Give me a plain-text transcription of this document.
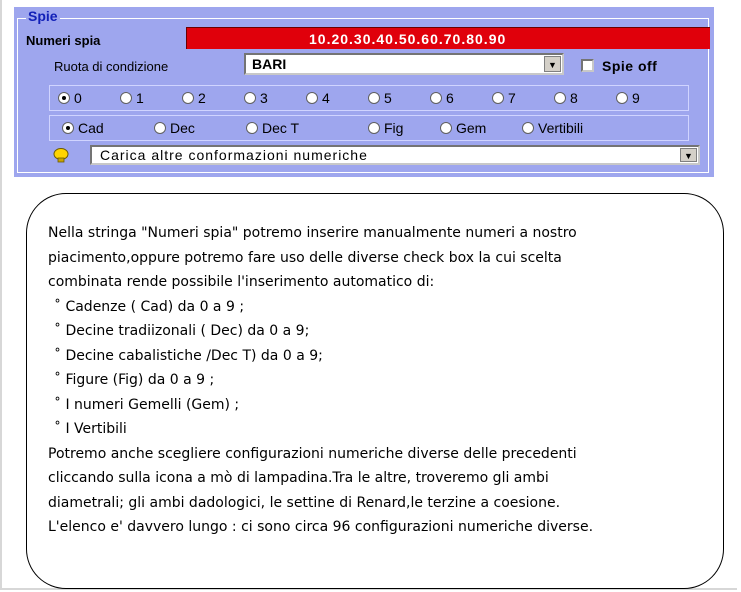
Spie
Numeri spia	10.20.30.40.50.60.70.80.90
Ruota di condizione	BARI	▼	Spie off
0	1	2	3	4	5	6	7	8	9
Cad	Dec	Dec T	Fig	Gem	Vertibili
Carica altre conformazioni numeriche	▼
Nella stringa "Numeri spia" potremo inserire manualmente numeri a nostro
piacimento,oppure potremo fare uso delle diverse check box la cui scelta
combinata rende possibile l'inserimento automatico di:
˚ Cadenze ( Cad) da 0 a 9 ;
˚ Decine tradiizonali ( Dec) da 0 a 9;
˚ Decine cabalistiche /Dec T) da 0 a 9;
˚ Figure (Fig) da 0 a 9 ;
˚ I numeri Gemelli (Gem) ;
˚ I Vertibili
Potremo anche scegliere configurazioni numeriche diverse delle precedenti
cliccando sulla icona a mò di lampadina.Tra le altre, troveremo gli ambi
diametrali; gli ambi dadologici, le settine di Renard,le terzine a coesione.
L'elenco e' davvero lungo : ci sono circa 96 configurazioni numeriche diverse.
